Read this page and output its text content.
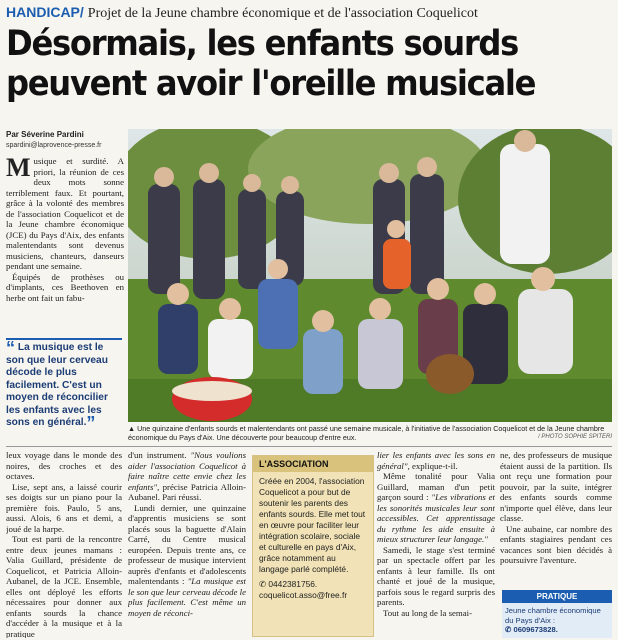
HANDICAP/ Projet de la Jeune chambre économique et de l'association Coquelicot
Désormais, les enfants sourds
peuvent avoir l'oreille musicale
Par Séverine Pardini
spardini@laprovence-presse.fr
M usique et surdité. A priori, la réunion de ces deux mots sonne terriblement faux. Et pourtant, grâce à la volonté des membres de l'association Coquelicot et de la Jeune chambre économique (JCE) du Pays d'Aix, des enfants malentendants sont devenus musiciens, chanteurs, danseurs pendant une semaine.

Équipés de prothèses ou d'implants, ces Beethoven en herbe ont fait un fabu-

“ La musique est le son que leur cerveau décode le plus facilement. C'est un moyen de réconcilier les enfants avec les sons en général.”	▲ Une quinzaine d'enfants sourds et malentendants ont passé une semaine musicale, à l'initiative de l'association Coquelicot et de la Jeune chambre économique du Pays d'Aix. Une découverte pour beaucoup d'entre eux.	/ PHOTO SOPHIE SPITERI

leux voyage dans le monde des noires, des croches et des octaves.

Lise, sept ans, a laissé courir ses doigts sur un piano pour la première fois. Paulo, 5 ans, aussi. Alois, 6 ans et demi, a joué de la harpe.

Tout est parti de la rencontre entre deux jeunes mamans : Valia Guillard, présidente de Coquelicot, et Patricia Alloin-Aubanel, de la JCE. Ensemble, elles ont déployé les efforts nécessaires pour donner aux enfants sourds la chance d'accéder à la musique et à la pratique

d'un instrument. "Nous voulions aider l'association Coquelicot à faire naître cette envie chez les enfants", précise Patricia Alloin-Aubanel. Pari réussi.

Lundi dernier, une quinzaine d'apprentis musiciens se sont placés sous la baguette d'Alain Carré, du Centre musical européen. Depuis trente ans, ce professeur de musique intervient auprès d'enfants et d'adolescents malentendants : "La musique est le son que leur cerveau décode le plus facilement. C'est même un moyen de réconci-

L'ASSOCIATION
Créée en 2004, l'association Coquelicot a pour but de soutenir les parents des enfants sourds. Elle met tout en œuvre pour faciliter leur intégration scolaire, sociale et culturelle en pays d'Aix, grâce notamment au langage parlé complété.
✆ 0442381756. coquelicot.asso@free.fr

lier les enfants avec les sons en général", explique-t-il.

Même tonalité pour Valia Guillard, maman d'un petit garçon sourd : "Les vibrations et les sonorités musicales leur sont accessibles. Cet apprentissage du rythme les aide ensuite à mieux structurer leur langage."

Samedi, le stage s'est terminé par un spectacle offert par les enfants à leur famille. Ils ont chanté et joué de la musique, parfois sous le regard surpris des parents.

Tout au long de la semai-

ne, des professeurs de musique étaient aussi de la partition. Ils ont reçu une formation pour pouvoir, par la suite, intégrer des enfants sourds comme n'importe quel élève, dans leur classe.

Une aubaine, car nombre des enfants stagiaires pendant ces vacances sont bien décidés à poursuivre l'aventure.

PRATIQUE
Jeune chambre économique du Pays d'Aix :
✆ 0609673828.
